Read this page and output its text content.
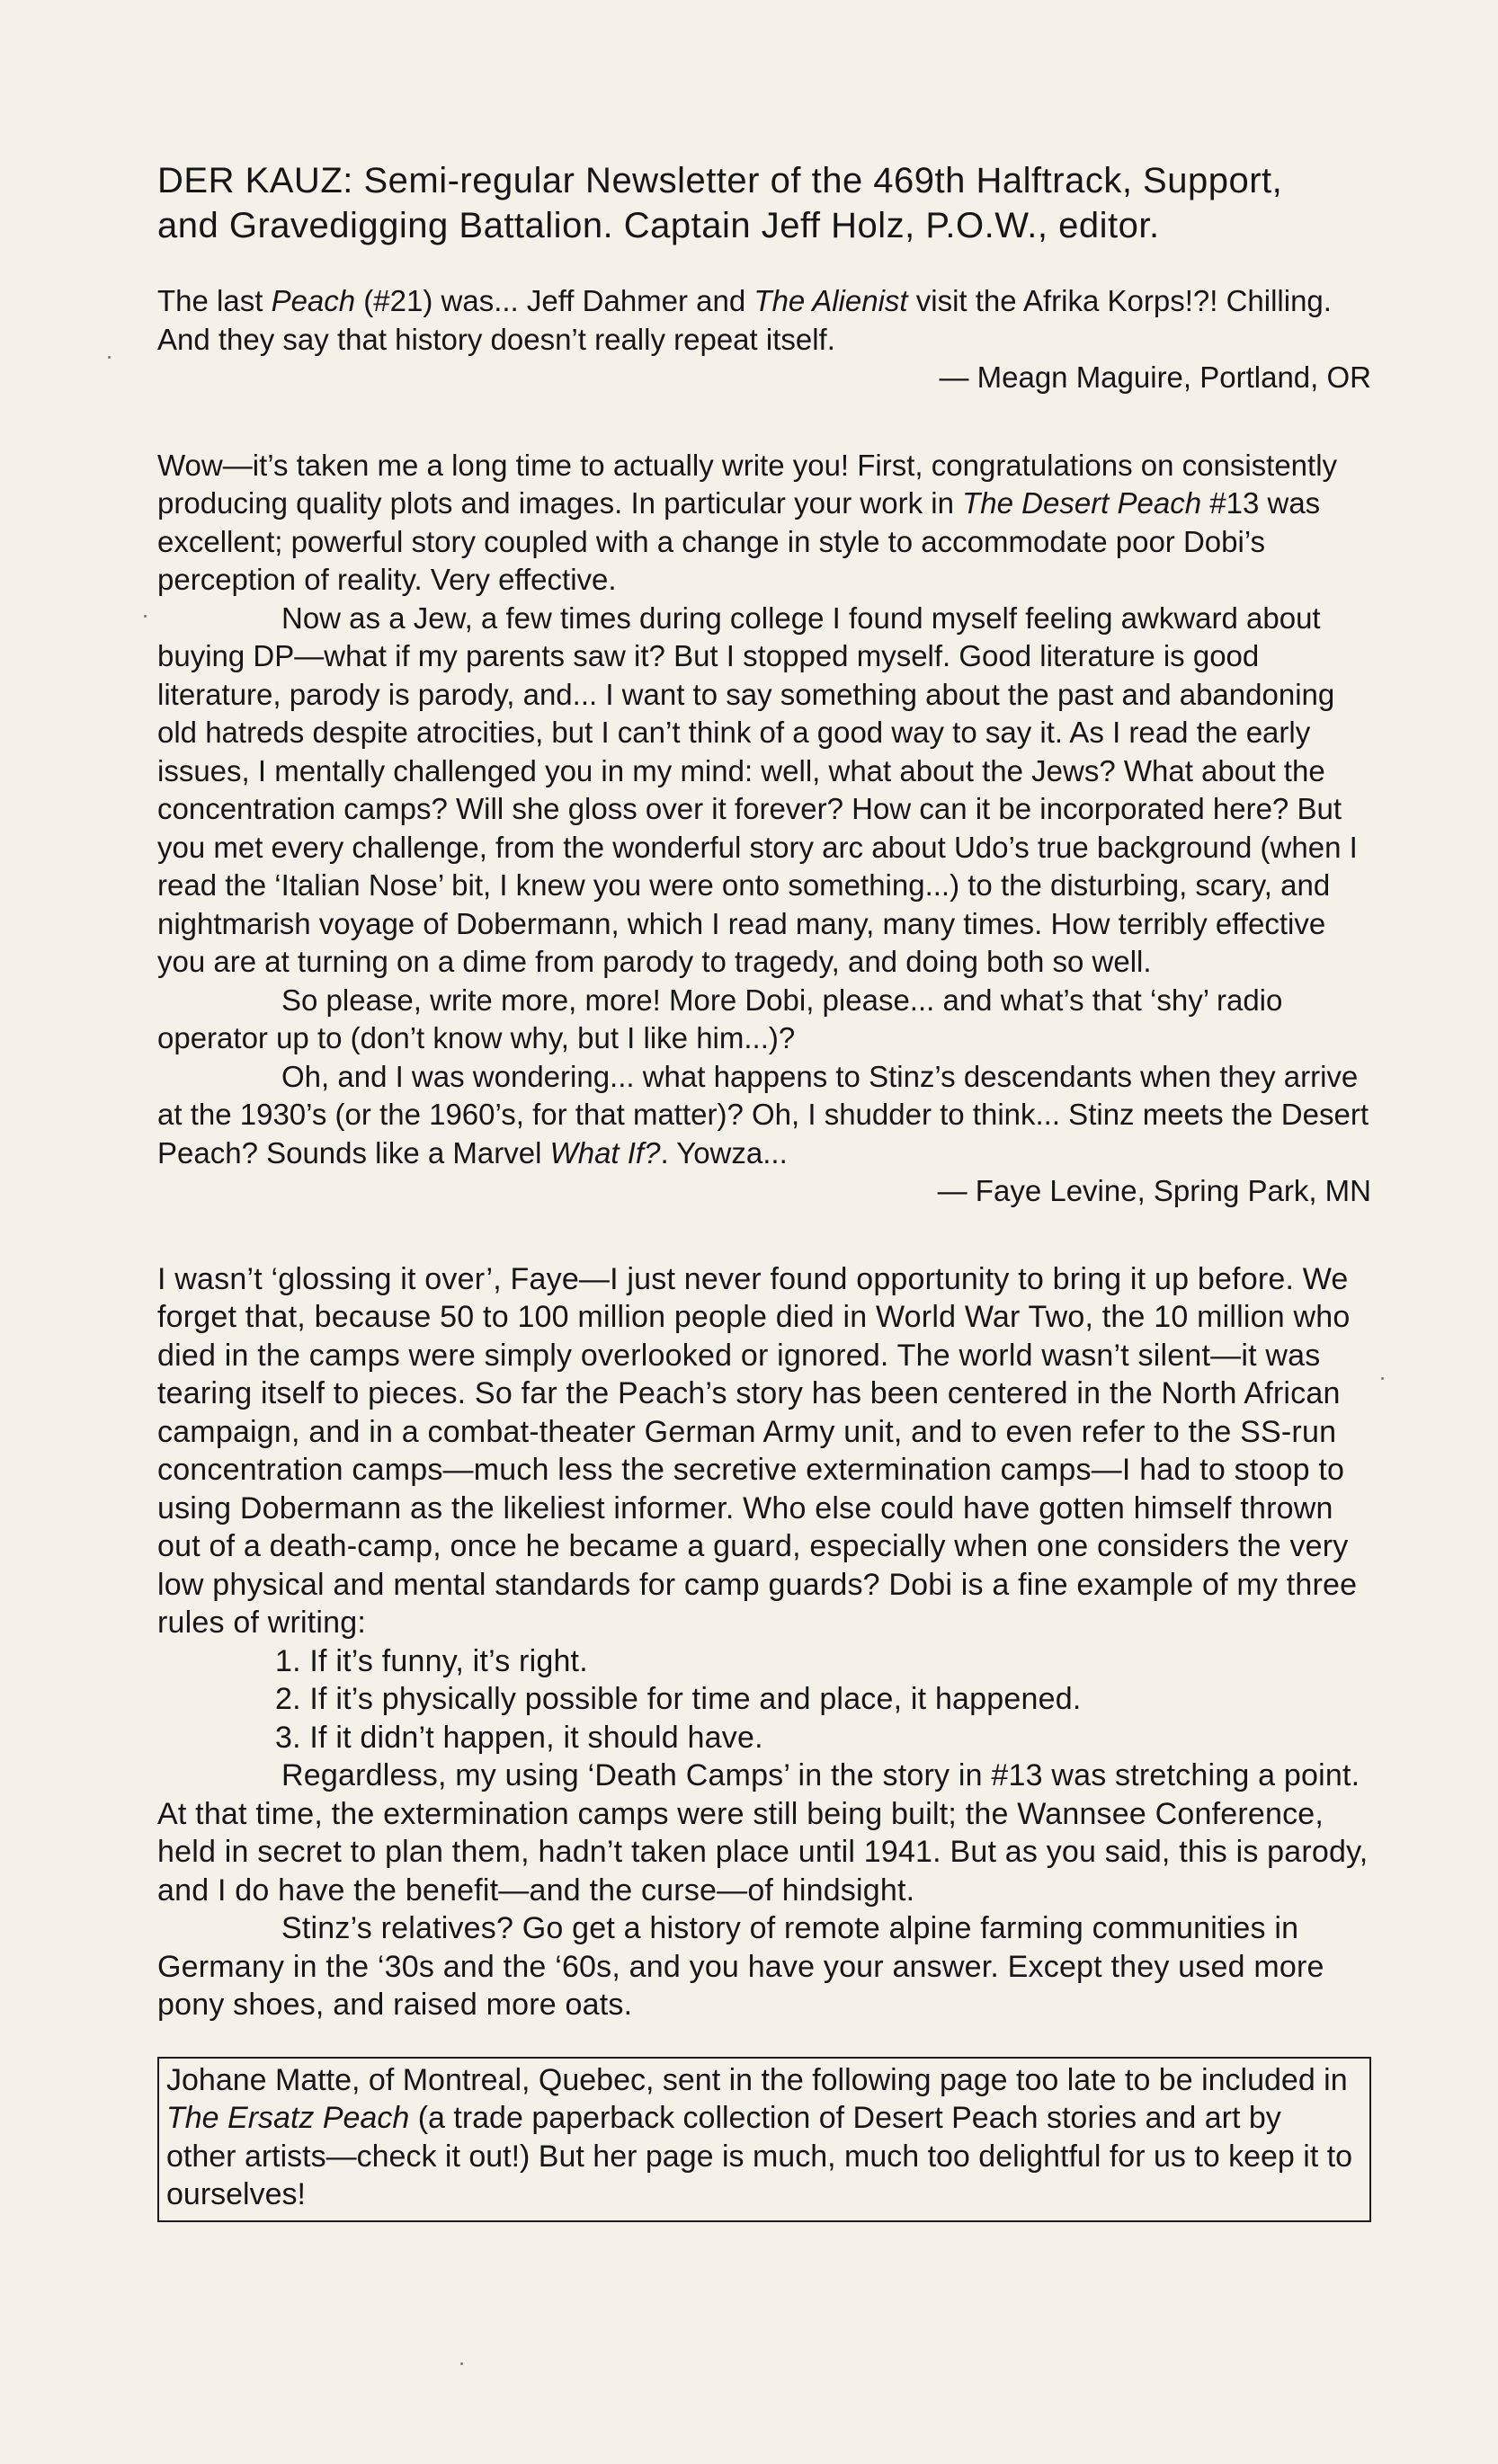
DER KAUZ: Semi-regular Newsletter of the 469th Halftrack, Support,
and Gravedigging Battalion. Captain Jeff Holz, P.O.W., editor.

The last Peach (#21) was... Jeff Dahmer and The Alienist visit the Afrika Korps!?! Chilling. And they say that history doesn’t really repeat itself.

— Meagn Maguire, Portland, OR

Wow—it’s taken me a long time to actually write you! First, congratulations on consistently producing quality plots and images. In particular your work in The Desert Peach #13 was excellent; powerful story coupled with a change in style to accommodate poor Dobi’s perception of reality. Very effective.

Now as a Jew, a few times during college I found myself feeling awkward about buying DP—what if my parents saw it? But I stopped myself. Good literature is good literature, parody is parody, and... I want to say something about the past and abandoning old hatreds despite atrocities, but I can’t think of a good way to say it. As I read the early issues, I mentally challenged you in my mind: well, what about the Jews? What about the concentration camps? Will she gloss over it forever? How can it be incorporated here? But you met every challenge, from the wonderful story arc about Udo’s true background (when I read the ‘Italian Nose’ bit, I knew you were onto something...) to the disturbing, scary, and nightmarish voyage of Dobermann, which I read many, many times. How terribly effective you are at turning on a dime from parody to tragedy, and doing both so well.

So please, write more, more! More Dobi, please... and what’s that ‘shy’ radio operator up to (don’t know why, but I like him...)?

Oh, and I was wondering... what happens to Stinz’s descendants when they arrive at the 1930’s (or the 1960’s, for that matter)? Oh, I shudder to think... Stinz meets the Desert Peach? Sounds like a Marvel What If?. Yowza...

— Faye Levine, Spring Park, MN

I wasn’t ‘glossing it over’, Faye—I just never found opportunity to bring it up before. We forget that, because 50 to 100 million people died in World War Two, the 10 million who died in the camps were simply overlooked or ignored. The world wasn’t silent—it was tearing itself to pieces. So far the Peach’s story has been centered in the North African campaign, and in a combat-theater German Army unit, and to even refer to the SS-run concentration camps—much less the secretive extermination camps—I had to stoop to using Dobermann as the likeliest informer. Who else could have gotten himself thrown out of a death-camp, once he became a guard, especially when one considers the very low physical and mental standards for camp guards? Dobi is a fine example of my three rules of writing:

1. If it’s funny, it’s right.
2. If it’s physically possible for time and place, it happened.
3. If it didn’t happen, it should have.

Regardless, my using ‘Death Camps’ in the story in #13 was stretching a point. At that time, the extermination camps were still being built; the Wannsee Conference, held in secret to plan them, hadn’t taken place until 1941. But as you said, this is parody, and I do have the benefit—and the curse—of hindsight.

Stinz’s relatives? Go get a history of remote alpine farming communities in Germany in the ‘30s and the ‘60s, and you have your answer. Except they used more pony shoes, and raised more oats.

Johane Matte, of Montreal, Quebec, sent in the following page too late to be included in The Ersatz Peach (a trade paperback collection of Desert Peach stories and art by other artists—check it out!) But her page is much, much too delightful for us to keep it to ourselves!
